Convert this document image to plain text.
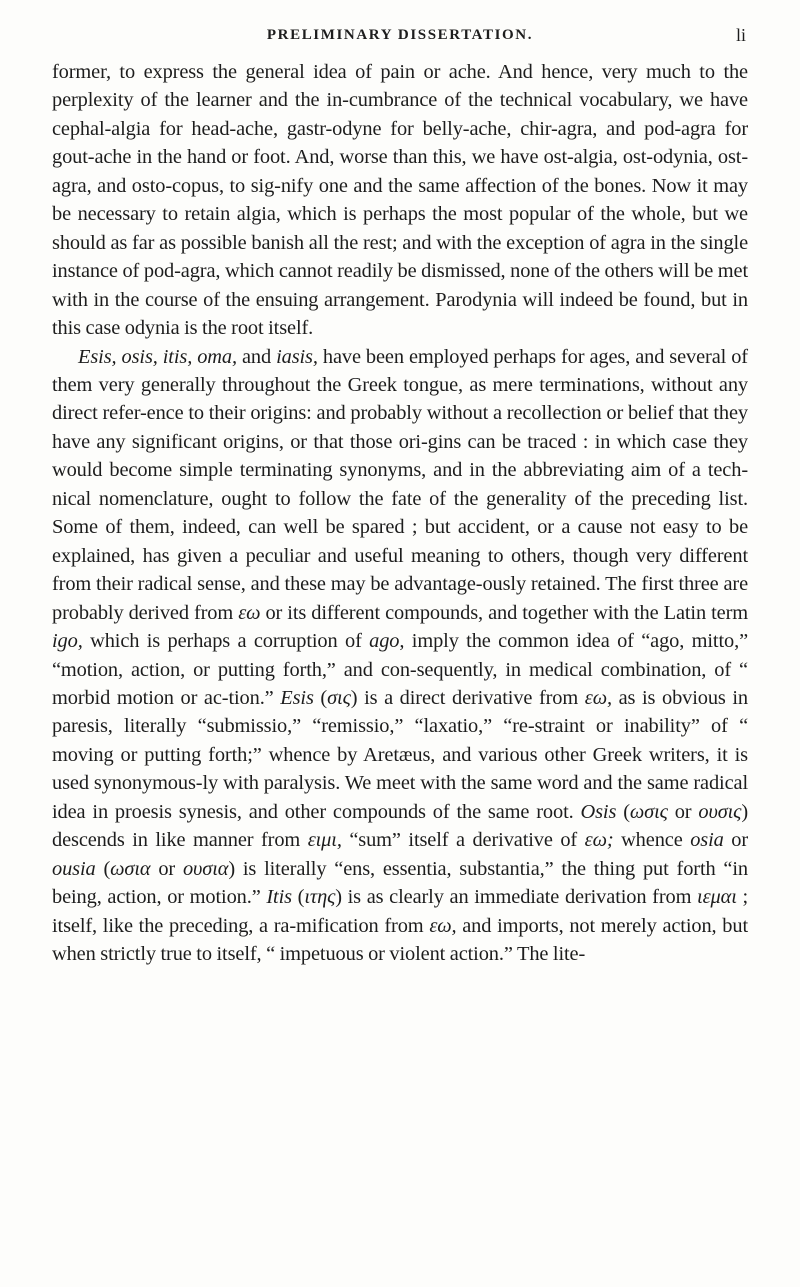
PRELIMINARY DISSERTATION.	li

former, to express the general idea of pain or ache. And hence, very much to the perplexity of the learner and the in-cumbrance of the technical vocabulary, we have cephal-algia for head-ache, gastr-odyne for belly-ache, chir-agra, and pod-agra for gout-ache in the hand or foot. And, worse than this, we have ost-algia, ost-odynia, ost-agra, and osto-copus, to sig-nify one and the same affection of the bones. Now it may be necessary to retain algia, which is perhaps the most popular of the whole, but we should as far as possible banish all the rest; and with the exception of agra in the single instance of pod-agra, which cannot readily be dismissed, none of the others will be met with in the course of the ensuing arrangement. Parodynia will indeed be found, but in this case odynia is the root itself.

Esis, osis, itis, oma, and iasis, have been employed perhaps for ages, and several of them very generally throughout the Greek tongue, as mere terminations, without any direct refer-ence to their origins: and probably without a recollection or belief that they have any significant origins, or that those ori-gins can be traced : in which case they would become simple terminating synonyms, and in the abbreviating aim of a tech-nical nomenclature, ought to follow the fate of the generality of the preceding list. Some of them, indeed, can well be spared ; but accident, or a cause not easy to be explained, has given a peculiar and useful meaning to others, though very different from their radical sense, and these may be advantage-ously retained. The first three are probably derived from εω or its different compounds, and together with the Latin term igo, which is perhaps a corruption of ago, imply the common idea of “ago, mitto,” “motion, action, or putting forth,” and con-sequently, in medical combination, of “ morbid motion or ac-tion.” Esis (σις) is a direct derivative from εω, as is obvious in paresis, literally “submissio,” “remissio,” “laxatio,” “re-straint or inability” of “ moving or putting forth;” whence by Aretæus, and various other Greek writers, it is used synonymous-ly with paralysis. We meet with the same word and the same radical idea in proesis synesis, and other compounds of the same root. Osis (ωσις or ουσις) descends in like manner from ειμι, “sum” itself a derivative of εω; whence osia or ousia (ωσια or ουσια) is literally “ens, essentia, substantia,” the thing put forth “in being, action, or motion.” Itis (ιτης) is as clearly an immediate derivation from ιεμαι ; itself, like the preceding, a ra-mification from εω, and imports, not merely action, but when strictly true to itself, “ impetuous or violent action.” The lite-
